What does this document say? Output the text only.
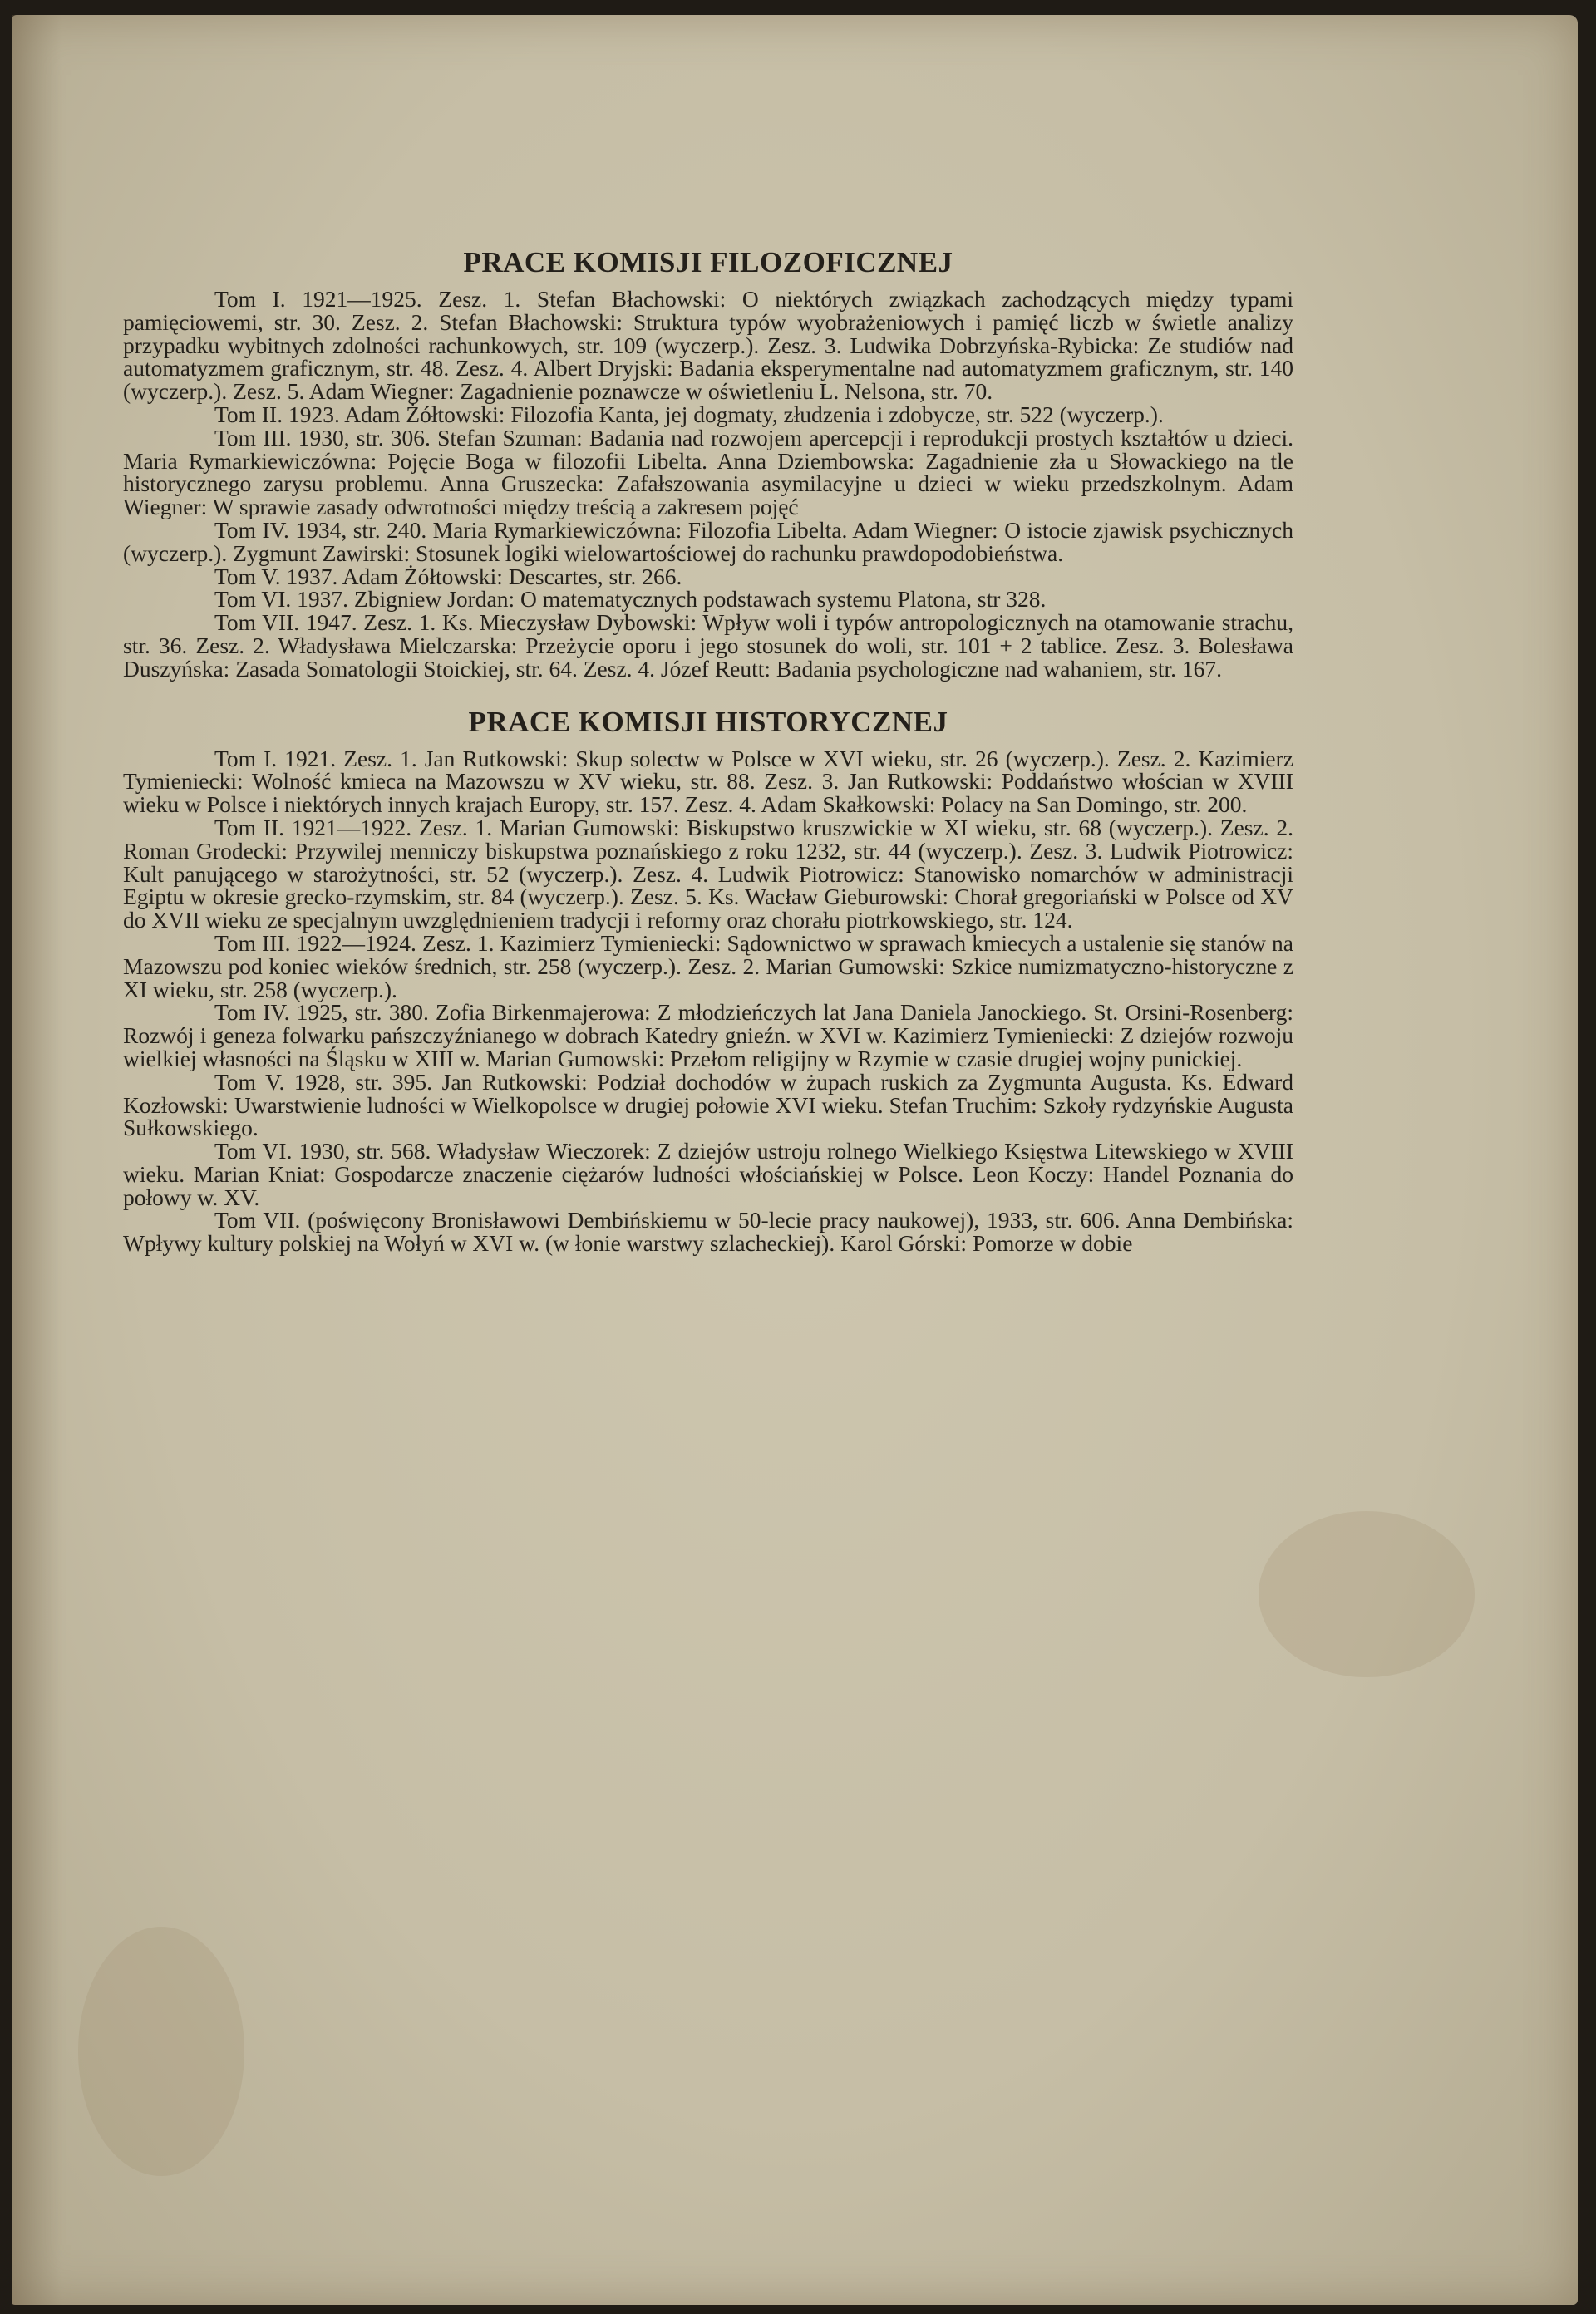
PRACE KOMISJI FILOZOFICZNEJ

Tom I. 1921—1925. Zesz. 1. Stefan Błachowski: O niektórych związkach zachodzących między typami pamięciowemi, str. 30. Zesz. 2. Stefan Błachowski: Struktura typów wyobrażeniowych i pamięć liczb w świetle analizy przypadku wybitnych zdolności rachunkowych, str. 109 (wyczerp.). Zesz. 3. Ludwika Dobrzyńska-Rybicka: Ze studiów nad automatyzmem graficznym, str. 48. Zesz. 4. Albert Dryjski: Badania eksperymentalne nad automatyzmem graficznym, str. 140 (wyczerp.). Zesz. 5. Adam Wiegner: Zagadnienie poznawcze w oświetleniu L. Nelsona, str. 70.

Tom II. 1923. Adam Żółtowski: Filozofia Kanta, jej dogmaty, złudzenia i zdobycze, str. 522 (wyczerp.).

Tom III. 1930, str. 306. Stefan Szuman: Badania nad rozwojem apercepcji i reprodukcji prostych kształtów u dzieci. Maria Rymarkiewiczówna: Pojęcie Boga w filozofii Libelta. Anna Dziembowska: Zagadnienie zła u Słowackiego na tle historycznego zarysu problemu. Anna Gruszecka: Zafałszowania asymilacyjne u dzieci w wieku przedszkolnym. Adam Wiegner: W sprawie zasady odwrotności między treścią a zakresem pojęć

Tom IV. 1934, str. 240. Maria Rymarkiewiczówna: Filozofia Libelta. Adam Wiegner: O istocie zjawisk psychicznych (wyczerp.). Zygmunt Zawirski: Stosunek logiki wielowartościowej do rachunku prawdopodobieństwa.

Tom V. 1937. Adam Żółtowski: Descartes, str. 266.

Tom VI. 1937. Zbigniew Jordan: O matematycznych podstawach systemu Platona, str 328.

Tom VII. 1947. Zesz. 1. Ks. Mieczysław Dybowski: Wpływ woli i typów antropologicznych na otamowanie strachu, str. 36. Zesz. 2. Władysława Mielczarska: Przeżycie oporu i jego stosunek do woli, str. 101 + 2 tablice. Zesz. 3. Bolesława Duszyńska: Zasada Somatologii Stoickiej, str. 64. Zesz. 4. Józef Reutt: Badania psychologiczne nad wahaniem, str. 167.

PRACE KOMISJI HISTORYCZNEJ

Tom I. 1921. Zesz. 1. Jan Rutkowski: Skup solectw w Polsce w XVI wieku, str. 26 (wyczerp.). Zesz. 2. Kazimierz Tymieniecki: Wolność kmieca na Mazowszu w XV wieku, str. 88. Zesz. 3. Jan Rutkowski: Poddaństwo włościan w XVIII wieku w Polsce i niektórych innych krajach Europy, str. 157. Zesz. 4. Adam Skałkowski: Polacy na San Domingo, str. 200.

Tom II. 1921—1922. Zesz. 1. Marian Gumowski: Biskupstwo kruszwickie w XI wieku, str. 68 (wyczerp.). Zesz. 2. Roman Grodecki: Przywilej menniczy biskupstwa poznańskiego z roku 1232, str. 44 (wyczerp.). Zesz. 3. Ludwik Piotrowicz: Kult panującego w starożytności, str. 52 (wyczerp.). Zesz. 4. Ludwik Piotrowicz: Stanowisko nomarchów w administracji Egiptu w okresie grecko-rzymskim, str. 84 (wyczerp.). Zesz. 5. Ks. Wacław Gieburowski: Chorał gregoriański w Polsce od XV do XVII wieku ze specjalnym uwzględnieniem tradycji i reformy oraz chorału piotrkowskiego, str. 124.

Tom III. 1922—1924. Zesz. 1. Kazimierz Tymieniecki: Sądownictwo w sprawach kmiecych a ustalenie się stanów na Mazowszu pod koniec wieków średnich, str. 258 (wyczerp.). Zesz. 2. Marian Gumowski: Szkice numizmatyczno-historyczne z XI wieku, str. 258 (wyczerp.).

Tom IV. 1925, str. 380. Zofia Birkenmajerowa: Z młodzieńczych lat Jana Daniela Janockiego. St. Orsini-Rosenberg: Rozwój i geneza folwarku pańszczyźnianego w dobrach Katedry gnieźn. w XVI w. Kazimierz Tymieniecki: Z dziejów rozwoju wielkiej własności na Śląsku w XIII w. Marian Gumowski: Przełom religijny w Rzymie w czasie drugiej wojny punickiej.

Tom V. 1928, str. 395. Jan Rutkowski: Podział dochodów w żupach ruskich za Zygmunta Augusta. Ks. Edward Kozłowski: Uwarstwienie ludności w Wielkopolsce w drugiej połowie XVI wieku. Stefan Truchim: Szkoły rydzyńskie Augusta Sułkowskiego.

Tom VI. 1930, str. 568. Władysław Wieczorek: Z dziejów ustroju rolnego Wielkiego Księstwa Litewskiego w XVIII wieku. Marian Kniat: Gospodarcze znaczenie ciężarów ludności włościańskiej w Polsce. Leon Koczy: Handel Poznania do połowy w. XV.

Tom VII. (poświęcony Bronisławowi Dembińskiemu w 50-lecie pracy naukowej), 1933, str. 606. Anna Dembińska: Wpływy kultury polskiej na Wołyń w XVI w. (w łonie warstwy szlacheckiej). Karol Górski: Pomorze w dobie
